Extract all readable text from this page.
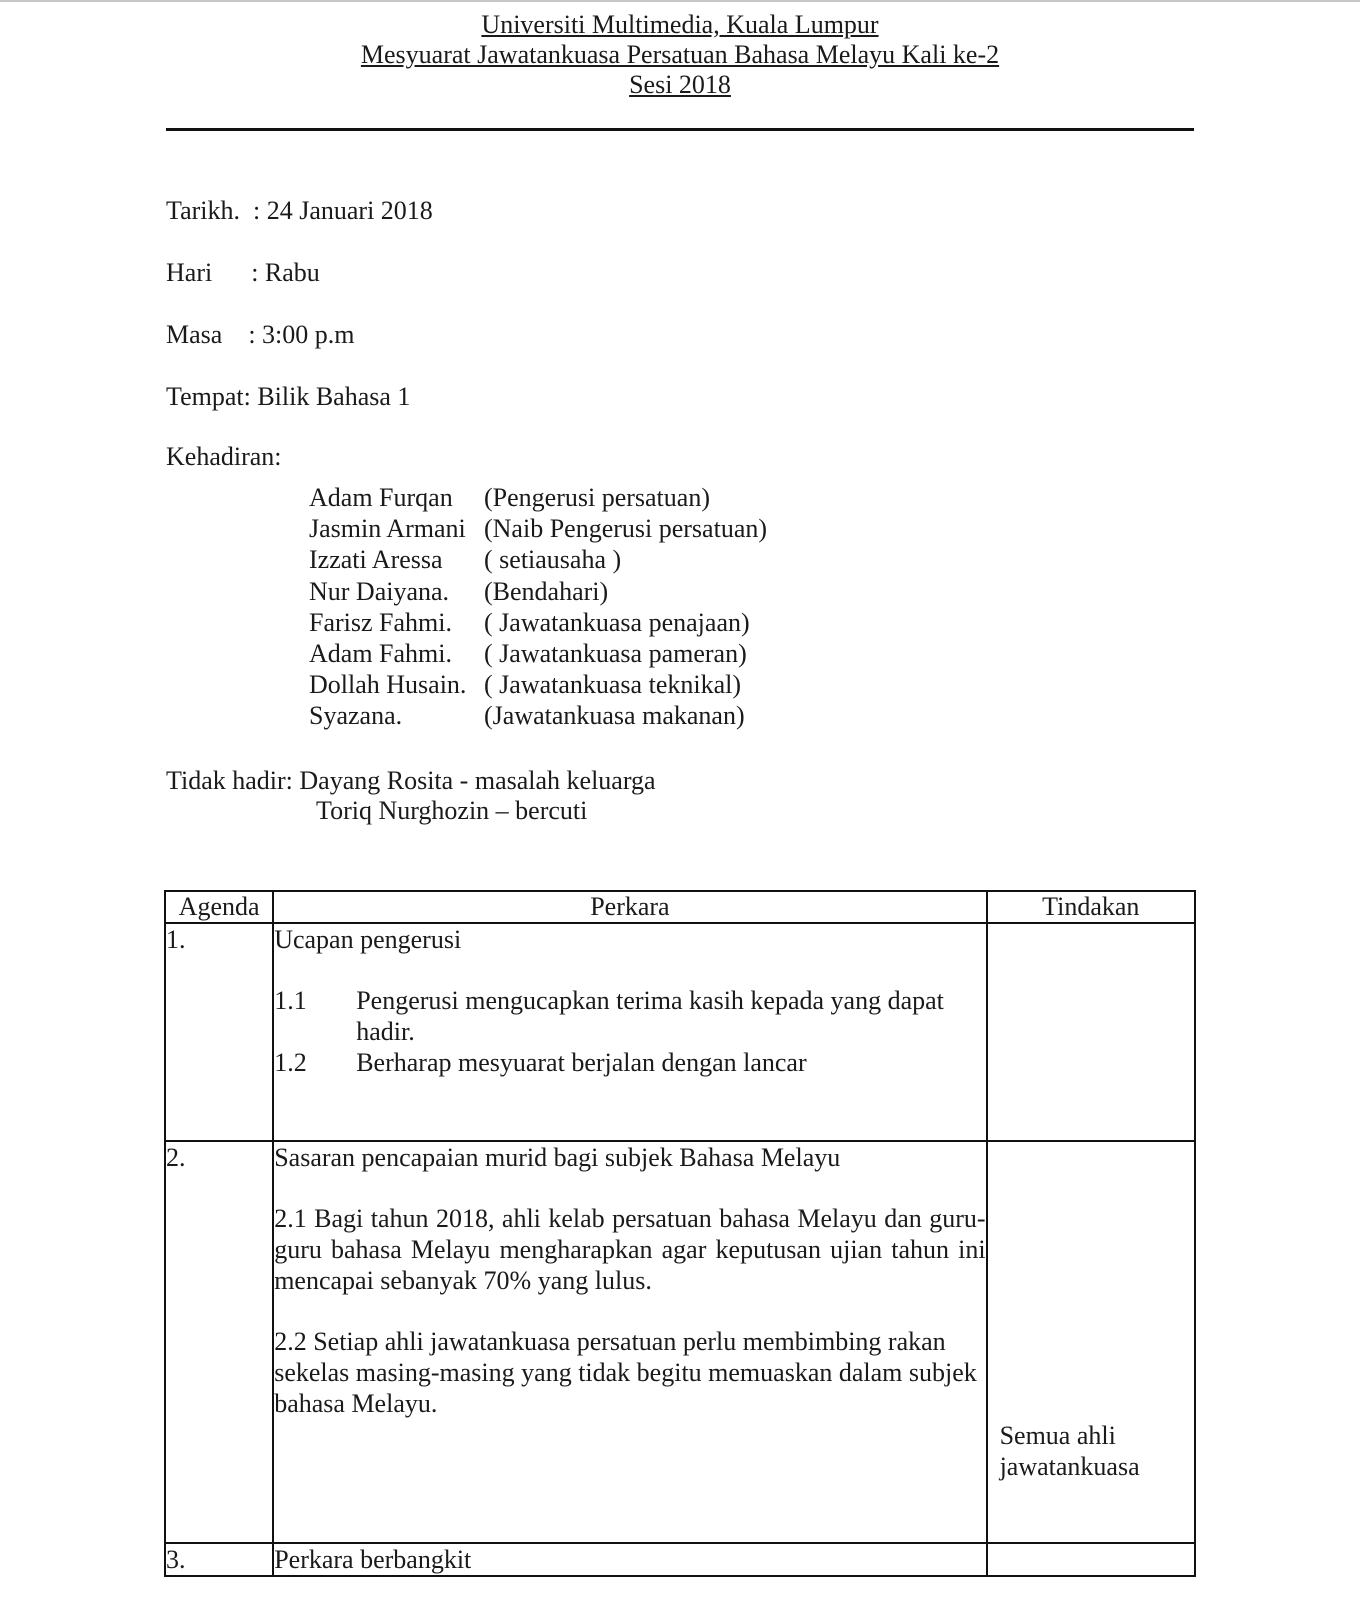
Universiti Multimedia, Kuala Lumpur
Mesyuarat Jawatankuasa Persatuan Bahasa Melayu Kali ke-2
Sesi 2018
Tarikh.  : 24 Januari 2018
Hari      : Rabu
Masa    : 3:00 p.m
Tempat: Bilik Bahasa 1
Kehadiran:
Adam Furqan	(Pengerusi persatuan)
Jasmin Armani (Naib Pengerusi persatuan)
Izzati Aressa	( setiausaha )
Nur Daiyana.	(Bendahari)
Farisz Fahmi.	( Jawatankuasa penajaan)
Adam Fahmi.	( Jawatankuasa pameran)
Dollah Husain. ( Jawatankuasa teknikal)
Syazana.	(Jawatankuasa makanan)
Tidak hadir: Dayang Rosita - masalah keluarga
Toriq Nurghozin – bercuti
Agenda	Perkara	Tindakan
1.	Ucapan pengerusi
1.1 Pengerusi mengucapkan terima kasih kepada yang dapat hadir.
1.2 Berharap mesyuarat berjalan dengan lancar	

2.	Sasaran pencapaian murid bagi subjek Bahasa Melayu
2.1 Bagi tahun 2018, ahli kelab persatuan bahasa Melayu dan guru-guru bahasa Melayu mengharapkan agar keputusan ujian tahun ini mencapai sebanyak 70% yang lulus.
2.2 Setiap ahli jawatankuasa persatuan perlu membimbing rakan sekelas masing-masing yang tidak begitu memuaskan dalam subjek bahasa Melayu.	Semua ahli jawatankuasa
3.	Perkara berbangkit	
